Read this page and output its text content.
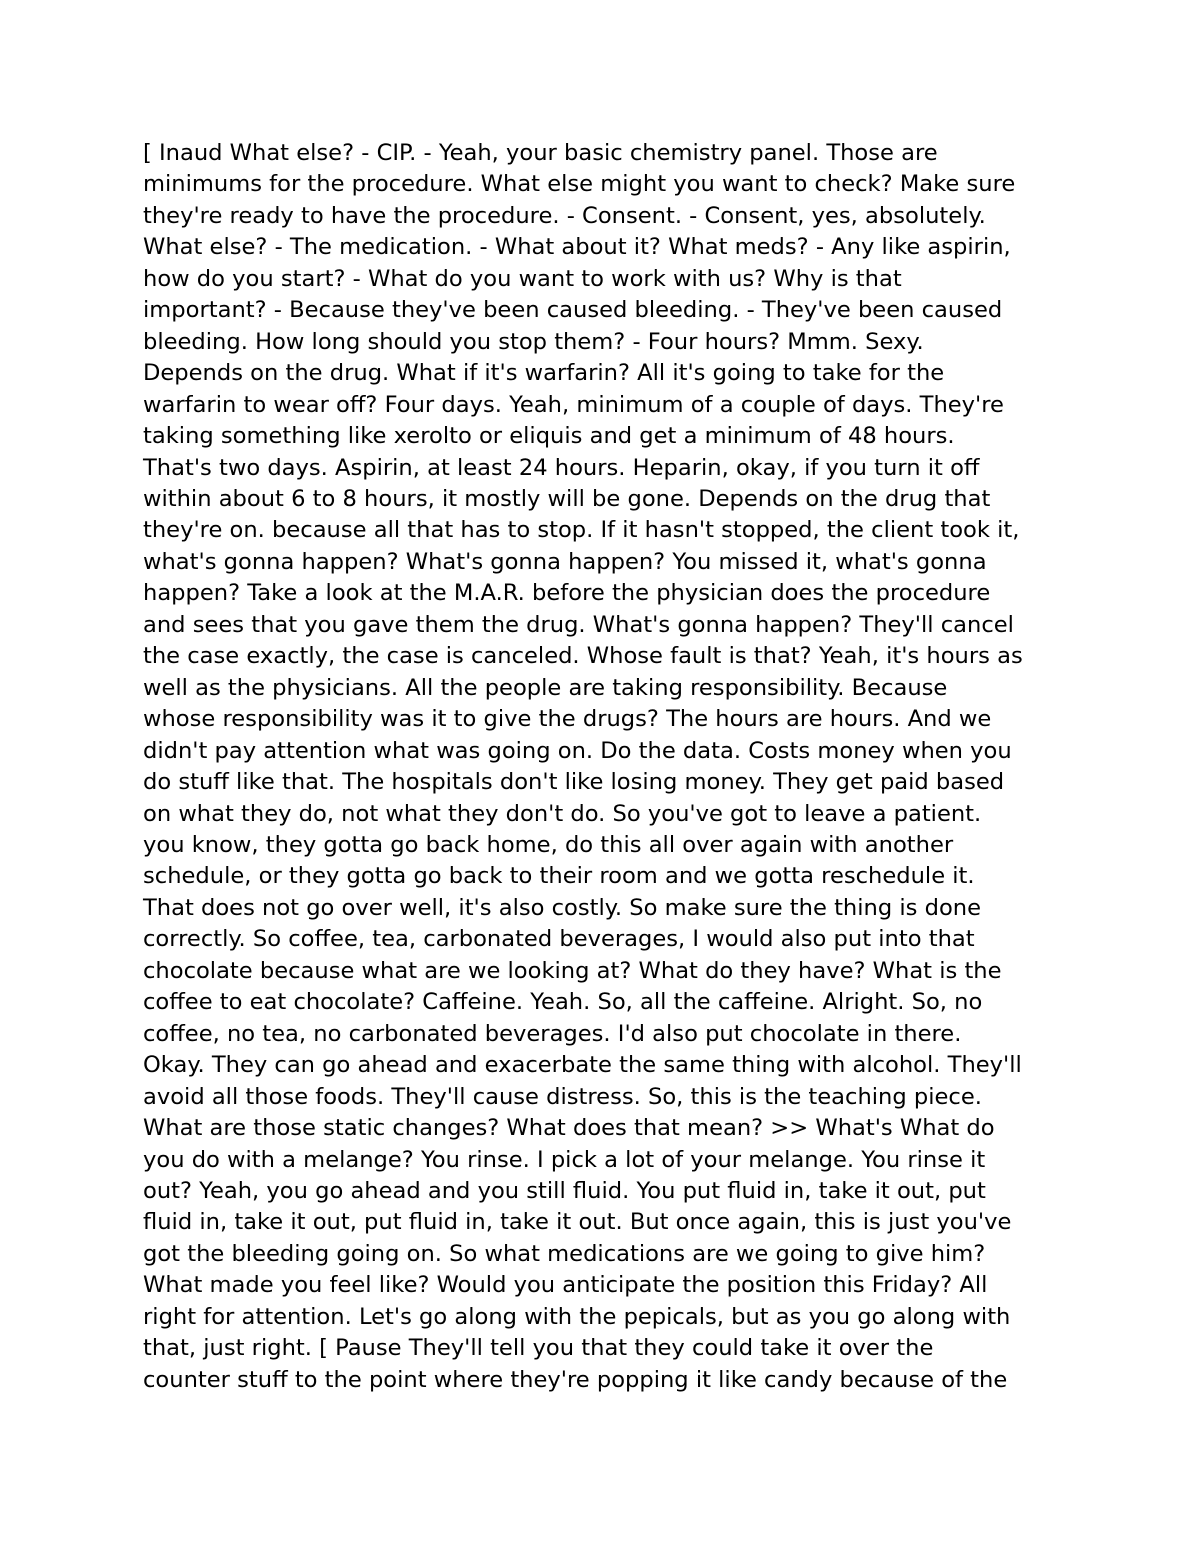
[ Inaud What else? - CIP. - Yeah, your basic chemistry panel. Those are
minimums for the procedure. What else might you want to check? Make sure
they're ready to have the procedure. - Consent. - Consent, yes, absolutely.
What else? - The medication. - What about it? What meds? - Any like aspirin,
how do you start? - What do you want to work with us? Why is that
important? - Because they've been caused bleeding. - They've been caused
bleeding. How long should you stop them? - Four hours? Mmm. Sexy.
Depends on the drug. What if it's warfarin? All it's going to take for the
warfarin to wear off? Four days. Yeah, minimum of a couple of days. They're
taking something like xerolto or eliquis and get a minimum of 48 hours.
That's two days. Aspirin, at least 24 hours. Heparin, okay, if you turn it off
within about 6 to 8 hours, it mostly will be gone. Depends on the drug that
they're on. because all that has to stop. If it hasn't stopped, the client took it,
what's gonna happen? What's gonna happen? You missed it, what's gonna
happen? Take a look at the M.A.R. before the physician does the procedure
and sees that you gave them the drug. What's gonna happen? They'll cancel
the case exactly, the case is canceled. Whose fault is that? Yeah, it's hours as
well as the physicians. All the people are taking responsibility. Because
whose responsibility was it to give the drugs? The hours are hours. And we
didn't pay attention what was going on. Do the data. Costs money when you
do stuff like that. The hospitals don't like losing money. They get paid based
on what they do, not what they don't do. So you've got to leave a patient.
you know, they gotta go back home, do this all over again with another
schedule, or they gotta go back to their room and we gotta reschedule it.
That does not go over well, it's also costly. So make sure the thing is done
correctly. So coffee, tea, carbonated beverages, I would also put into that
chocolate because what are we looking at? What do they have? What is the
coffee to eat chocolate? Caffeine. Yeah. So, all the caffeine. Alright. So, no
coffee, no tea, no carbonated beverages. I'd also put chocolate in there.
Okay. They can go ahead and exacerbate the same thing with alcohol. They'll
avoid all those foods. They'll cause distress. So, this is the teaching piece.
What are those static changes? What does that mean? >> What's What do
you do with a melange? You rinse. I pick a lot of your melange. You rinse it
out? Yeah, you go ahead and you still fluid. You put fluid in, take it out, put
fluid in, take it out, put fluid in, take it out. But once again, this is just you've
got the bleeding going on. So what medications are we going to give him?
What made you feel like? Would you anticipate the position this Friday? All
right for attention. Let's go along with the pepicals, but as you go along with
that, just right. [ Pause They'll tell you that they could take it over the
counter stuff to the point where they're popping it like candy because of the
